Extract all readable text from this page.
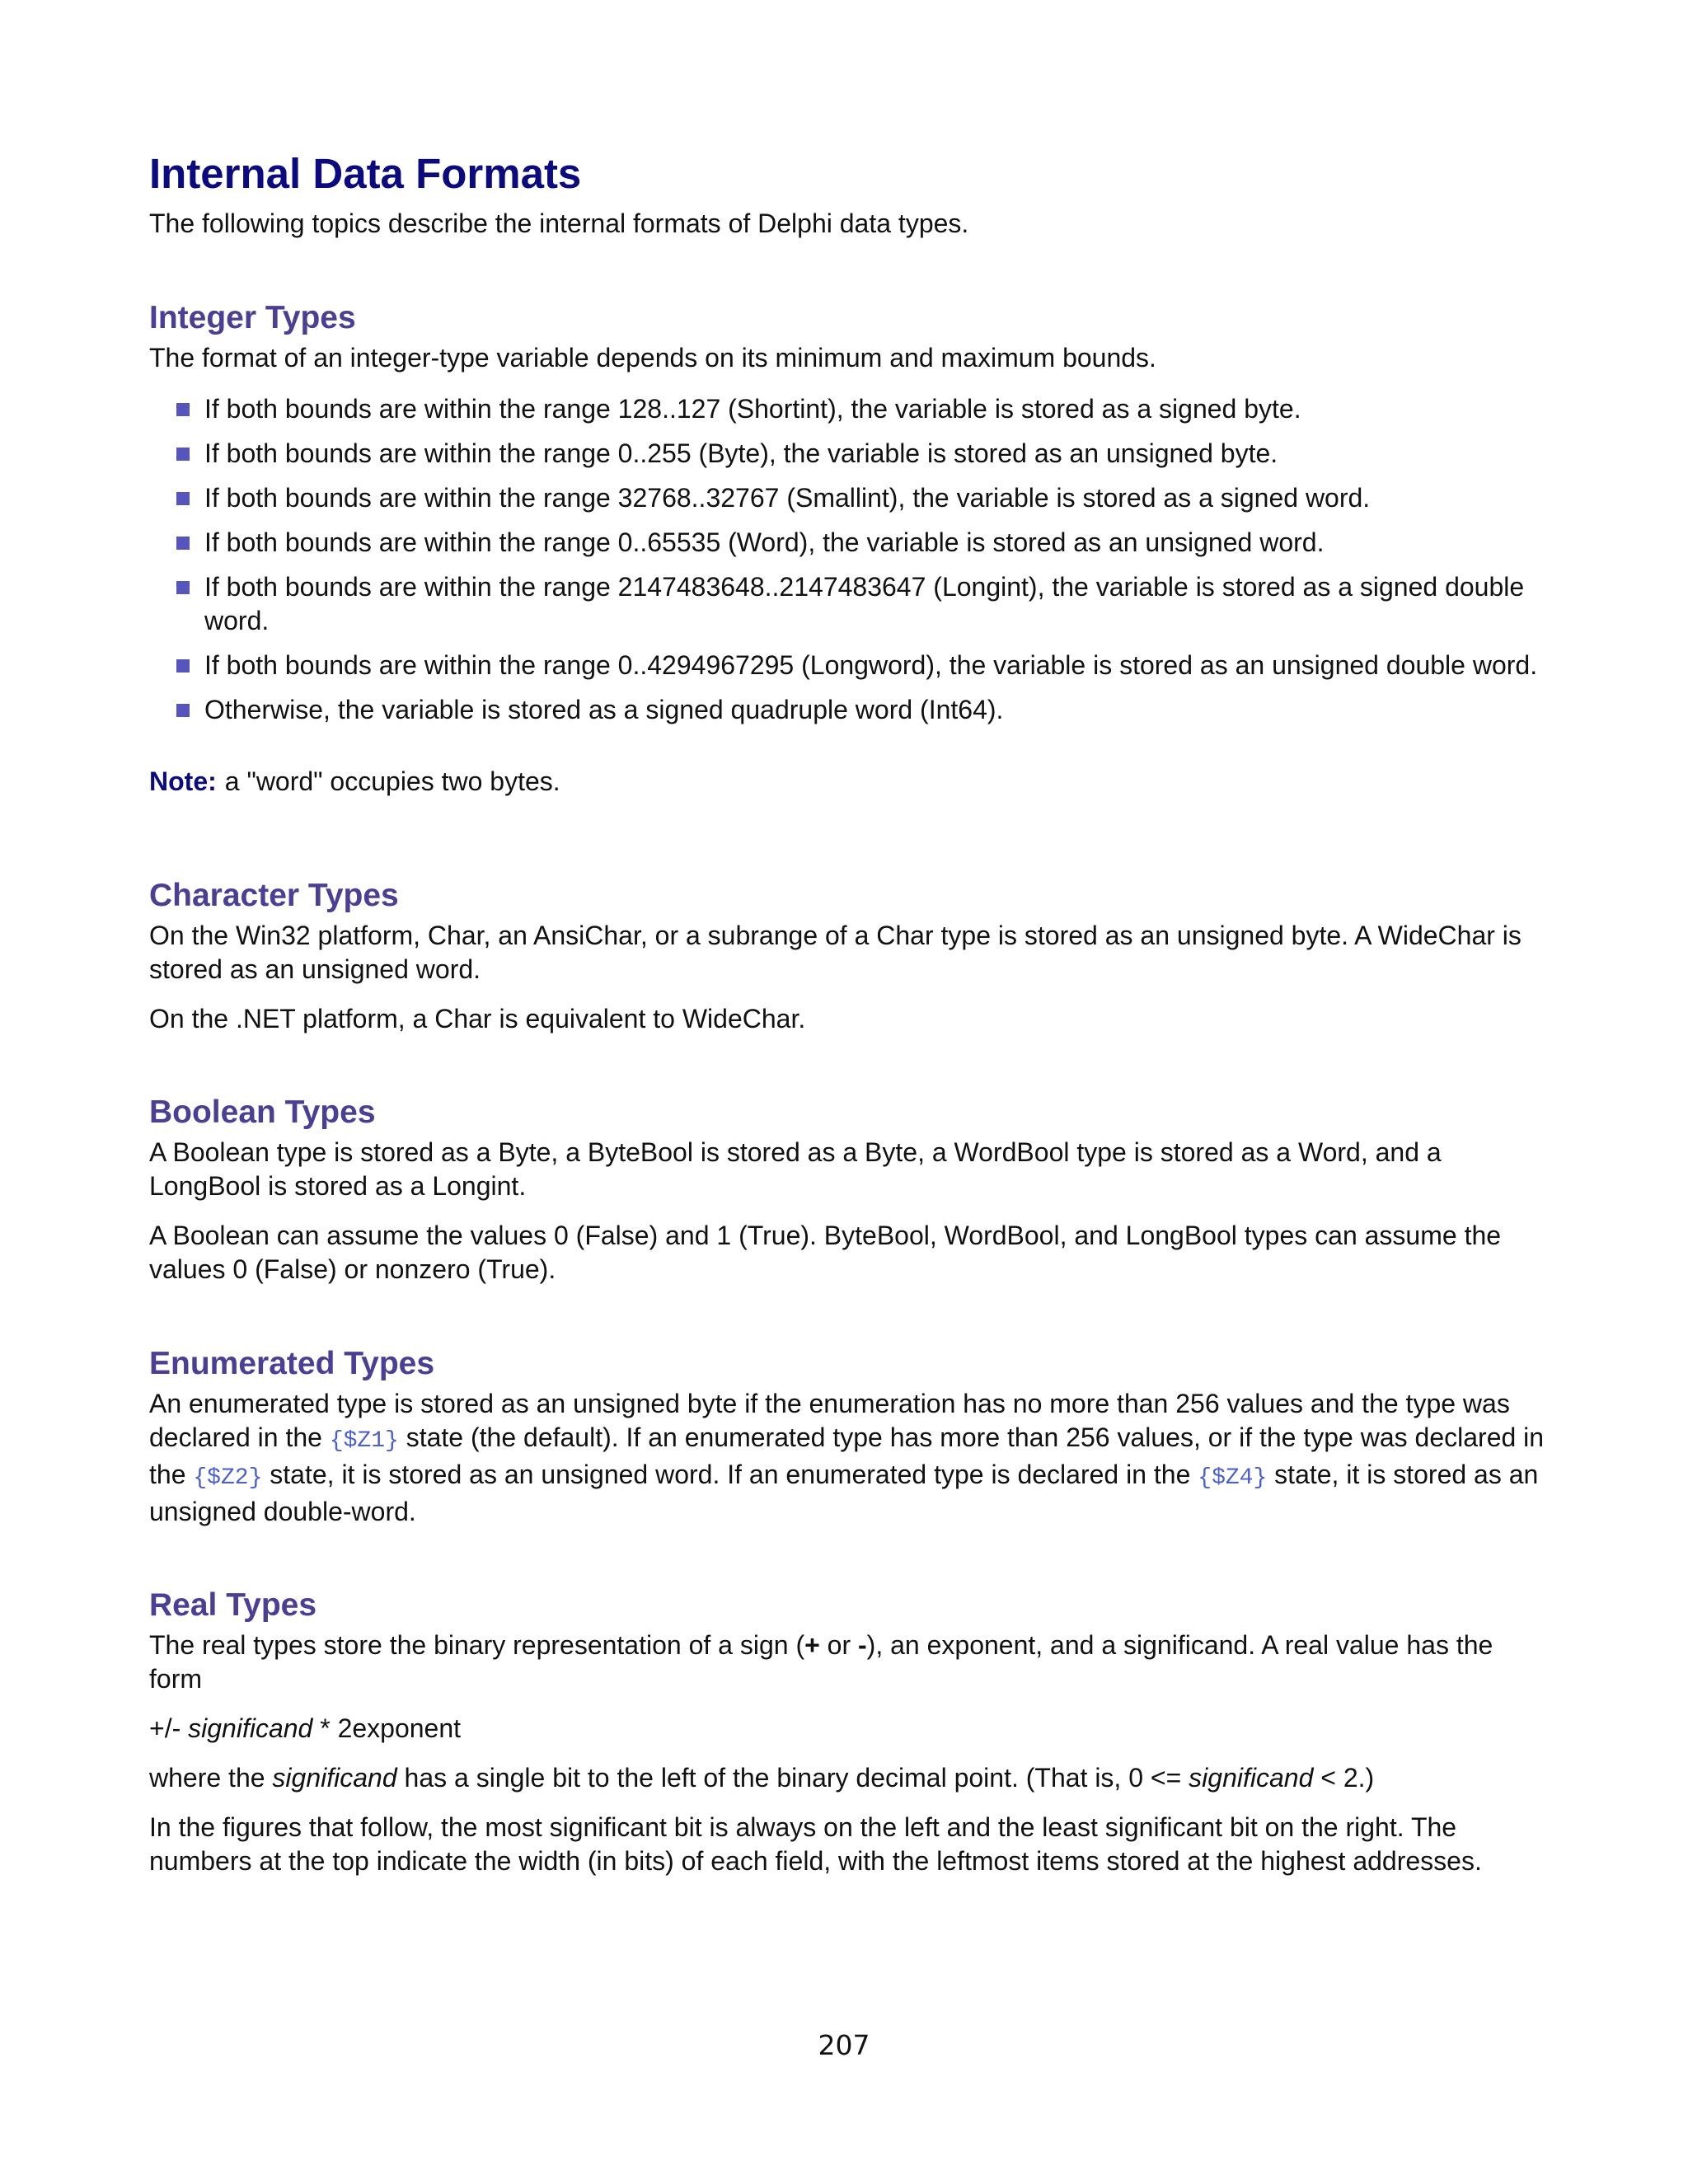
Internal Data Formats

The following topics describe the internal formats of Delphi data types.

Integer Types

The format of an integer-type variable depends on its minimum and maximum bounds.

If both bounds are within the range 128..127 (Shortint), the variable is stored as a signed byte.
If both bounds are within the range 0..255 (Byte), the variable is stored as an unsigned byte.
If both bounds are within the range 32768..32767 (Smallint), the variable is stored as a signed word.
If both bounds are within the range 0..65535 (Word), the variable is stored as an unsigned word.
If both bounds are within the range 2147483648..2147483647 (Longint), the variable is stored as a signed double word.
If both bounds are within the range 0..4294967295 (Longword), the variable is stored as an unsigned double word.
Otherwise, the variable is stored as a signed quadruple word (Int64).

Note: a "word" occupies two bytes.

Character Types

On the Win32 platform, Char, an AnsiChar, or a subrange of a Char type is stored as an unsigned byte. A WideChar is stored as an unsigned word.

On the .NET platform, a Char is equivalent to WideChar.

Boolean Types

A Boolean type is stored as a Byte, a ByteBool is stored as a Byte, a WordBool type is stored as a Word, and a LongBool is stored as a Longint.

A Boolean can assume the values 0 (False) and 1 (True). ByteBool, WordBool, and LongBool types can assume the values 0 (False) or nonzero (True).

Enumerated Types

An enumerated type is stored as an unsigned byte if the enumeration has no more than 256 values and the type was declared in the {$Z1} state (the default). If an enumerated type has more than 256 values, or if the type was declared in the {$Z2} state, it is stored as an unsigned word. If an enumerated type is declared in the {$Z4} state, it is stored as an unsigned double-word.

Real Types

The real types store the binary representation of a sign (+ or -), an exponent, and a significand. A real value has the form

+/- significand * 2exponent

where the significand has a single bit to the left of the binary decimal point. (That is, 0 <= significand < 2.)

In the figures that follow, the most significant bit is always on the left and the least significant bit on the right. The numbers at the top indicate the width (in bits) of each field, with the leftmost items stored at the highest addresses.

207
